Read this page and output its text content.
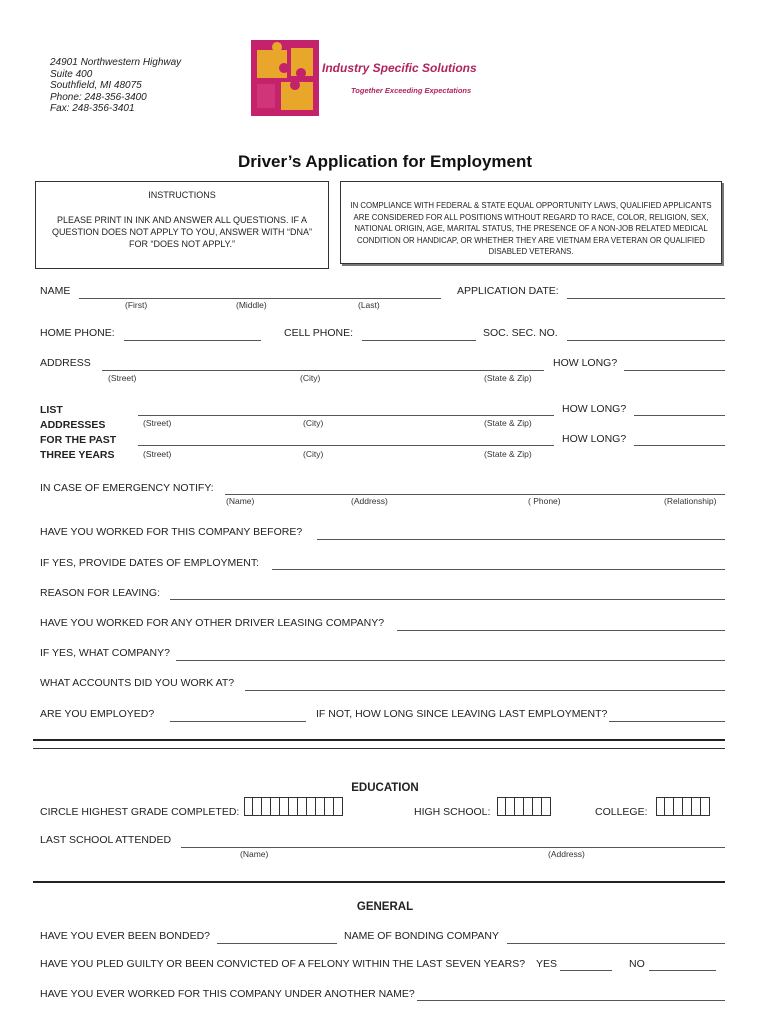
24901 Northwestern Highway
Suite 400
Southfield, MI 48075
Phone: 248-356-3400
Fax: 248-356-3401
Industry Specific Solutions
Together Exceeding Expectations
Driver’s Application for Employment
INSTRUCTIONS
PLEASE PRINT IN INK AND ANSWER ALL QUESTIONS. IF A QUESTION DOES NOT APPLY TO YOU, ANSWER WITH “DNA” FOR “DOES NOT APPLY.”
IN COMPLIANCE WITH FEDERAL & STATE EQUAL OPPORTUNITY LAWS, QUALIFIED APPLICANTS ARE CONSIDERED FOR ALL POSITIONS WITHOUT REGARD TO RACE, COLOR, RELIGION, SEX, NATIONAL ORIGIN, AGE, MARITAL STATUS, THE PRESENCE OF A NON-JOB RELATED MEDICAL CONDITION OR HANDICAP, OR WHETHER THEY ARE VIETNAM ERA VETERAN OR QUALIFIED DISABLED VETERANS.
NAME
(First)	(Middle)	(Last)
APPLICATION DATE:
HOME PHONE:	CELL PHONE:	SOC. SEC. NO.
ADDRESS	HOW LONG?
(Street)	(City)	(State & Zip)
LIST
ADDRESSES
FOR THE PAST
THREE YEARS
HOW LONG?
(Street)	(City)	(State & Zip)
HOW LONG?
(Street)	(City)	(State & Zip)
IN CASE OF EMERGENCY NOTIFY:
(Name)	(Address)	( Phone)	(Relationship)
HAVE YOU WORKED FOR THIS COMPANY BEFORE?
IF YES, PROVIDE DATES OF EMPLOYMENT:
REASON FOR LEAVING:
HAVE YOU WORKED FOR ANY OTHER DRIVER LEASING COMPANY?
IF YES, WHAT COMPANY?
WHAT ACCOUNTS DID YOU WORK AT?
ARE YOU EMPLOYED?	IF NOT, HOW LONG SINCE LEAVING LAST EMPLOYMENT?
EDUCATION
CIRCLE HIGHEST GRADE COMPLETED:	HIGH SCHOOL:	COLLEGE:
LAST SCHOOL ATTENDED
(Name)	(Address)
GENERAL
HAVE YOU EVER BEEN BONDED?	NAME OF BONDING COMPANY
HAVE YOU PLED GUILTY OR BEEN CONVICTED OF A FELONY WITHIN THE LAST SEVEN YEARS? YES	NO
HAVE YOU EVER WORKED FOR THIS COMPANY UNDER ANOTHER NAME?
